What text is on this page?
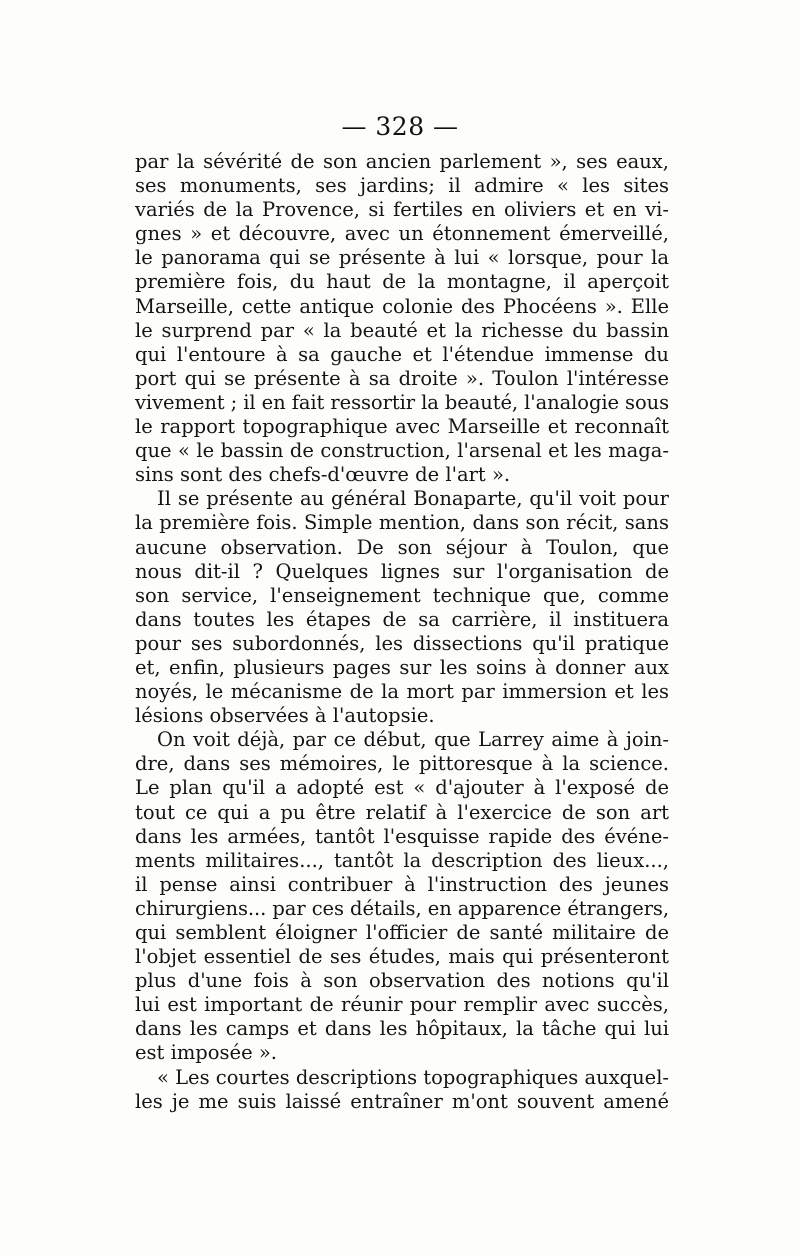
— 328 —

par la sévérité de son ancien parlement », ses eaux,
ses monuments, ses jardins; il admire « les sites
variés de la Provence, si fertiles en oliviers et en vi-
gnes » et découvre, avec un étonnement émerveillé,
le panorama qui se présente à lui « lorsque, pour la
première fois, du haut de la montagne, il aperçoit
Marseille, cette antique colonie des Phocéens ». Elle
le surprend par « la beauté et la richesse du bassin
qui l'entoure à sa gauche et l'étendue immense du
port qui se présente à sa droite ». Toulon l'intéresse
vivement ; il en fait ressortir la beauté, l'analogie sous
le rapport topographique avec Marseille et reconnaît
que « le bassin de construction, l'arsenal et les maga-
sins sont des chefs-d'œuvre de l'art ».

Il se présente au général Bonaparte, qu'il voit pour
la première fois. Simple mention, dans son récit, sans
aucune observation. De son séjour à Toulon, que
nous dit-il ? Quelques lignes sur l'organisation de
son service, l'enseignement technique que, comme
dans toutes les étapes de sa carrière, il instituera
pour ses subordonnés, les dissections qu'il pratique
et, enfin, plusieurs pages sur les soins à donner aux
noyés, le mécanisme de la mort par immersion et les
lésions observées à l'autopsie.

On voit déjà, par ce début, que Larrey aime à join-
dre, dans ses mémoires, le pittoresque à la science.
Le plan qu'il a adopté est « d'ajouter à l'exposé de
tout ce qui a pu être relatif à l'exercice de son art
dans les armées, tantôt l'esquisse rapide des événe-
ments militaires..., tantôt la description des lieux...,
il pense ainsi contribuer à l'instruction des jeunes
chirurgiens... par ces détails, en apparence étrangers,
qui semblent éloigner l'officier de santé militaire de
l'objet essentiel de ses études, mais qui présenteront
plus d'une fois à son observation des notions qu'il
lui est important de réunir pour remplir avec succès,
dans les camps et dans les hôpitaux, la tâche qui lui
est imposée ».

« Les courtes descriptions topographiques auxquel-
les je me suis laissé entraîner m'ont souvent amené
